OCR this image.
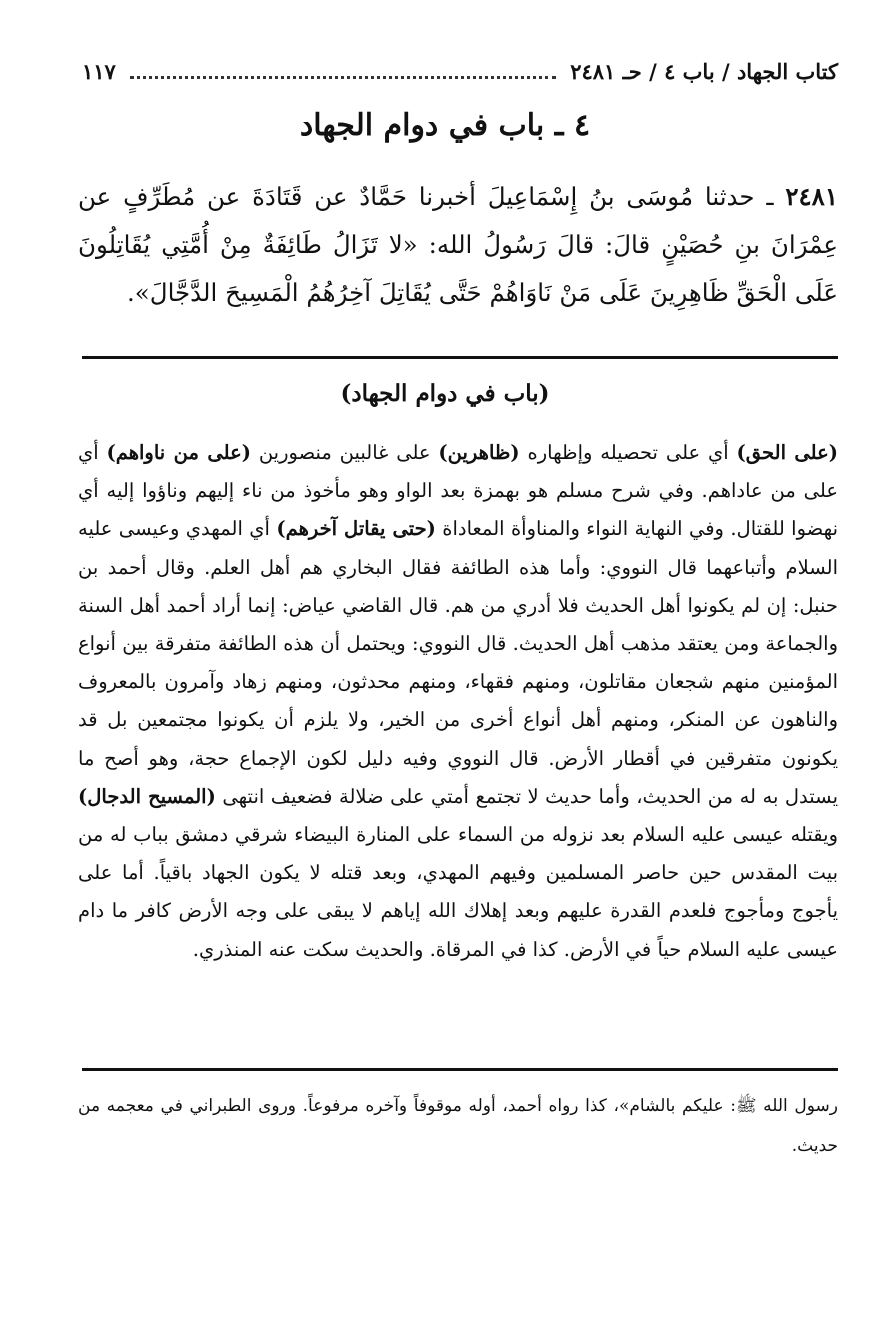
كتاب الجهاد / باب ٤ / حـ ٢٤٨١
١١٧
٤ ـ باب في دوام الجهاد
٢٤٨١ ـ حدثنا مُوسَى بنُ إِسْمَاعِيلَ أخبرنا حَمَّادٌ عن قَتَادَةَ عن مُطَرِّفٍ عن عِمْرَانَ بنِ حُصَيْنٍ قالَ: قالَ رَسُولُ الله: «لا تَزَالُ طَائِفَةٌ مِنْ أُمَّتِي يُقَاتِلُونَ عَلَى الْحَقِّ ظَاهِرِينَ عَلَى مَنْ نَاوَاهُمْ حَتَّى يُقَاتِلَ آخِرُهُمُ الْمَسِيحَ الدَّجَّالَ».
(باب في دوام الجهاد)
(على الحق) أي على تحصيله وإظهاره (ظاهرين) على غالبين منصورين (على من ناواهم) أي على من عاداهم. وفي شرح مسلم هو بهمزة بعد الواو وهو مأخوذ من ناء إليهم وناؤوا إليه أي نهضوا للقتال. وفي النهاية النواء والمناوأة المعاداة (حتى يقاتل آخرهم) أي المهدي وعيسى عليه السلام وأتباعهما قال النووي: وأما هذه الطائفة فقال البخاري هم أهل العلم. وقال أحمد بن حنبل: إن لم يكونوا أهل الحديث فلا أدري من هم. قال القاضي عياض: إنما أراد أحمد أهل السنة والجماعة ومن يعتقد مذهب أهل الحديث. قال النووي: ويحتمل أن هذه الطائفة متفرقة بين أنواع المؤمنين منهم شجعان مقاتلون، ومنهم فقهاء، ومنهم محدثون، ومنهم زهاد وآمرون بالمعروف والناهون عن المنكر، ومنهم أهل أنواع أخرى من الخير، ولا يلزم أن يكونوا مجتمعين بل قد يكونون متفرقين في أقطار الأرض. قال النووي وفيه دليل لكون الإجماع حجة، وهو أصح ما يستدل به له من الحديث، وأما حديث لا تجتمع أمتي على ضلالة فضعيف انتهى (المسيح الدجال) ويقتله عيسى عليه السلام بعد نزوله من السماء على المنارة البيضاء شرقي دمشق بباب له من بيت المقدس حين حاصر المسلمين وفيهم المهدي، وبعد قتله لا يكون الجهاد باقياً. أما على يأجوج ومأجوج فلعدم القدرة عليهم وبعد إهلاك الله إياهم لا يبقى على وجه الأرض كافر ما دام عيسى عليه السلام حياً في الأرض. كذا في المرقاة. والحديث سكت عنه المنذري.
رسول الله ﷺ: عليكم بالشام»، كذا رواه أحمد، أوله موقوفاً وآخره مرفوعاً. وروى الطبراني في معجمه من حديث.
